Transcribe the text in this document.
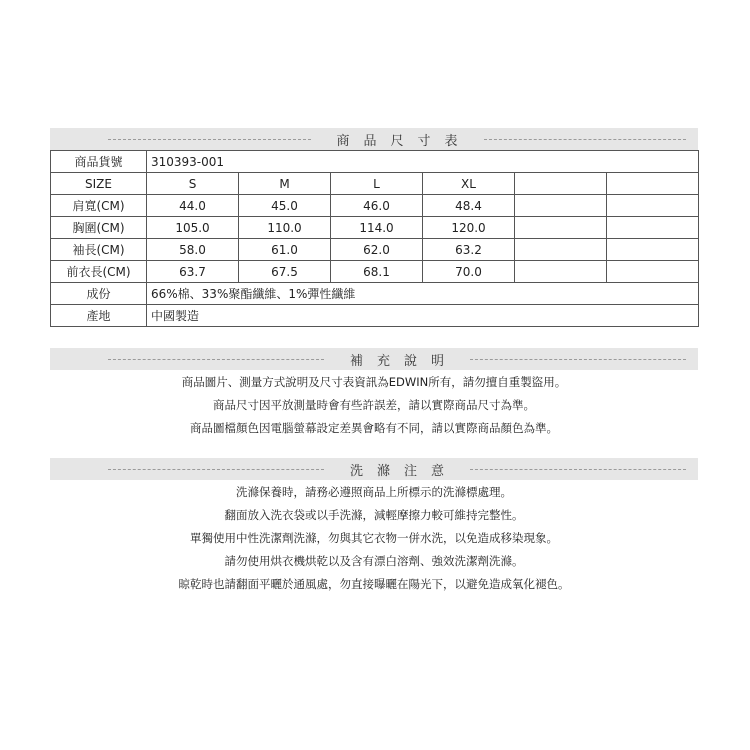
商品尺寸表
商品貨號	310393-001					
SIZE	S	M	L	XL		
肩寬(CM)	44.0	45.0	46.0	48.4		
胸圍(CM)	105.0	110.0	114.0	120.0		
袖長(CM)	58.0	61.0	62.0	63.2		
前衣長(CM)	63.7	67.5	68.1	70.0		
成份	66%棉、33%聚酯纖維、1%彈性纖維					
產地	中國製造					
補充說明
商品圖片、測量方式說明及尺寸表資訊為EDWIN所有，請勿擅自重製盜用。
商品尺寸因平放測量時會有些許誤差，請以實際商品尺寸為準。
商品圖檔顏色因電腦螢幕設定差異會略有不同，請以實際商品顏色為準。
洗滌注意
洗滌保養時，請務必遵照商品上所標示的洗滌標處理。
翻面放入洗衣袋或以手洗滌，減輕摩擦力較可維持完整性。
單獨使用中性洗潔劑洗滌，勿與其它衣物一併水洗，以免造成移染現象。
請勿使用烘衣機烘乾以及含有漂白溶劑、強效洗潔劑洗滌。
晾乾時也請翻面平曬於通風處，勿直接曝曬在陽光下，以避免造成氧化褪色。
